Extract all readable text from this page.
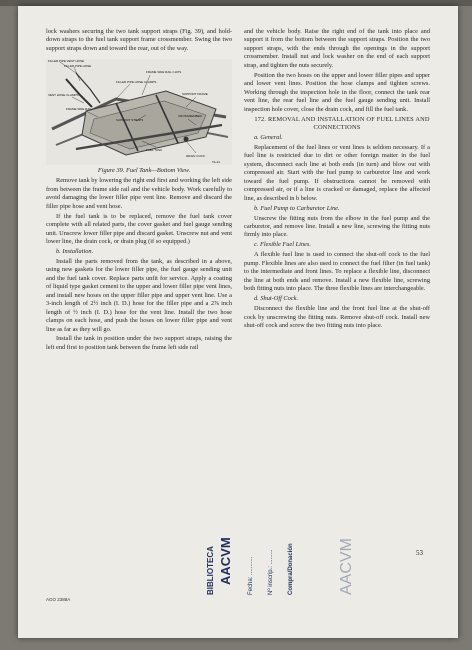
lock washers securing the two tank support straps (Fig. 39), and hold-down straps to the fuel tank support frame crossmember. Swing the two support straps down and toward the rear, out of the way.

FILLER PIPE VENT HOSE
FILLER PIPE HOSE
FRAME SIDE RAIL CLIPS
FILLER PIPE HOSE CLAMPS
VENT HOSE CLAMPS
FRAME SIDE RAIL
SUPPORT STRAPS
SUPPORT FRAME
CROSSMEMBER
FUEL TANK
DRAIN COCK
TA-21

Figure 39. Fuel Tank—Bottom View.

Remove tank by lowering the right end first and working the left side from between the frame side rail and the vehicle body. Work carefully to avoid damaging the lower filler pipe vent line. Remove and discard the filler pipe hose and vent hose.

If the fuel tank is to be replaced, remove the fuel tank cover complete with all related parts, the cover gasket and fuel gauge sending unit. Unscrew lower filler pipe and discard gasket. Unscrew nut and vent lower line, the drain cock, or drain plug (if so equipped.)

b. Installation.

Install the parts removed from the tank, as described in a above, using new gaskets for the lower filler pipe, the fuel gauge sending unit and the fuel tank cover. Replace parts unfit for service. Apply a coating of liquid type gasket cement to the upper and lower filler pipe vent lines, and install new hoses on the upper filler pipe and upper vent line. Use a 3-inch length of 2½ inch (I. D.) hose for the filler pipe and a 2⅞ inch length of ½ inch (I. D.) hose for the vent line. Install the two hose clamps on each hose, and push the hoses on lower filler pipe and vent line as far as they will go.

Install the tank in position under the two support straps, raising the left end first to position tank between the frame left side rail

and the vehicle body. Raise the right end of the tank into place and support it from the bottom between the support straps. Position the two support straps, with the ends through the openings in the support crossmember. Install nut and lock washer on the end of each support strap, and tighten the nuts securely.

Position the two hoses on the upper and lower filler pipes and upper and lower vent lines. Position the hose clamps and tighten screws. Working through the inspection hole in the floor, connect the tank rear vent line, the rear fuel line and the fuel gauge sending unit. Install inspection hole cover, close the drain cock, and fill the fuel tank.

172. REMOVAL AND INSTALLATION OF FUEL LINES AND CONNECTIONS

a. General.

Replacement of the fuel lines or vent lines is seldom necessary. If a fuel line is restricted due to dirt or other foreign matter in the fuel system, disconnect each line at both ends (in turn) and blow out with compressed air. Start with the fuel pump to carburetor line and work toward the fuel pump. If obstructions cannot be removed with compressed air, or if a line is cracked or damaged, replace the affected line, as described in b below.

b. Fuel Pump to Carburetor Line.

Unscrew the fitting nuts from the elbow in the fuel pump and the carburetor, and remove line. Install a new line, screwing the fitting nuts firmly into place.

c. Flexible Fuel Lines.

A flexible fuel line is used to connect the shut-off cock to the fuel pump. Flexible lines are also used to connect the fuel filter (in fuel tank) to the intermediate and front lines. To replace a flexible line, disconnect the line at both ends and remove. Install a new flexible line, screwing both fitting nuts into place. The three flexible lines are interchangeable.

d. Shut-Off Cock.

Disconnect the flexible line and the front fuel line at the shut-off cock by unscrewing the fitting nuts. Remove shut-off cock. Install new shut-off cock and screw the two fitting nuts into place.

AGO 2388A
53
BIBLIOTECA AACVM	Fecha: ........... Nº inscrip.: ......... Compra/Donación	AACVM
